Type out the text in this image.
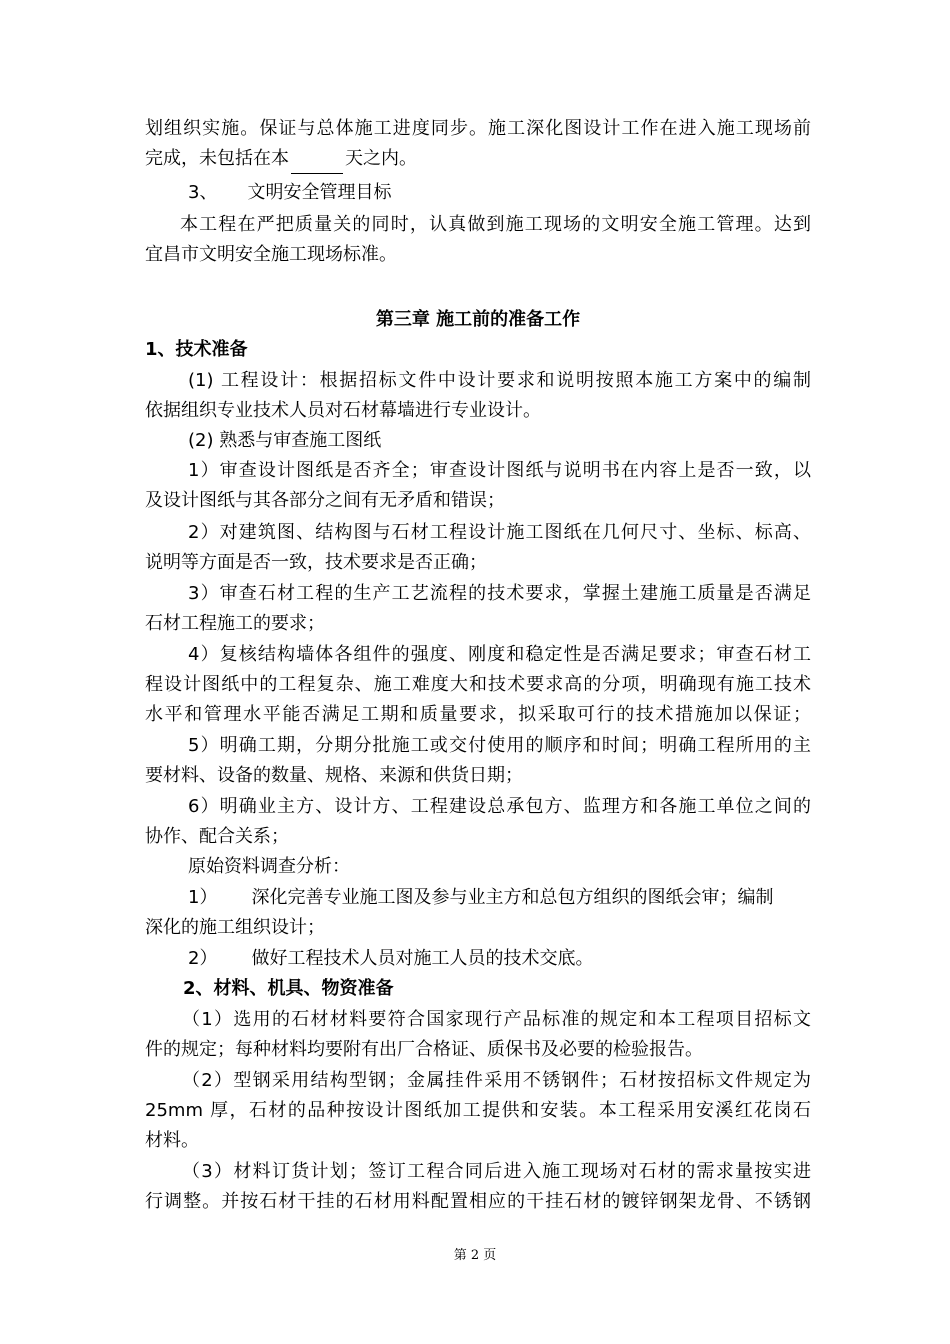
划组织实施。保证与总体施工进度同步。施工深化图设计工作在进入施工现场前
完成，未包括在本	天之内。
3、 文明安全管理目标
本工程在严把质量关的同时，认真做到施工现场的文明安全施工管理。达到
宜昌市文明安全施工现场标准。
第三章 施工前的准备工作
1、技术准备
(1) 工程设计：根据招标文件中设计要求和说明按照本施工方案中的编制
依据组织专业技术人员对石材幕墙进行专业设计。
(2) 熟悉与审查施工图纸
1）审查设计图纸是否齐全；审查设计图纸与说明书在内容上是否一致，以
及设计图纸与其各部分之间有无矛盾和错误；
2）对建筑图、结构图与石材工程设计施工图纸在几何尺寸、坐标、标高、
说明等方面是否一致，技术要求是否正确；
3）审查石材工程的生产工艺流程的技术要求，掌握土建施工质量是否满足
石材工程施工的要求；
4）复核结构墙体各组件的强度、刚度和稳定性是否满足要求；审查石材工
程设计图纸中的工程复杂、施工难度大和技术要求高的分项，明确现有施工技术
水平和管理水平能否满足工期和质量要求，拟采取可行的技术措施加以保证；
5）明确工期，分期分批施工或交付使用的顺序和时间；明确工程所用的主
要材料、设备的数量、规格、来源和供货日期；
6）明确业主方、设计方、工程建设总承包方、监理方和各施工单位之间的
协作、配合关系；
原始资料调查分析：
1） 深化完善专业施工图及参与业主方和总包方组织的图纸会审；编制
深化的施工组织设计；
2） 做好工程技术人员对施工人员的技术交底。
2、材料、机具、物资准备
（1）选用的石材材料要符合国家现行产品标准的规定和本工程项目招标文
件的规定；每种材料均要附有出厂合格证、质保书及必要的检验报告。
（2）型钢采用结构型钢；金属挂件采用不锈钢件；石材按招标文件规定为
25mm 厚，石材的品种按设计图纸加工提供和安装。本工程采用安溪红花岗石
材料。
（3）材料订货计划；签订工程合同后进入施工现场对石材的需求量按实进
行调整。并按石材干挂的石材用料配置相应的干挂石材的镀锌钢架龙骨、不锈钢
第 2 页
